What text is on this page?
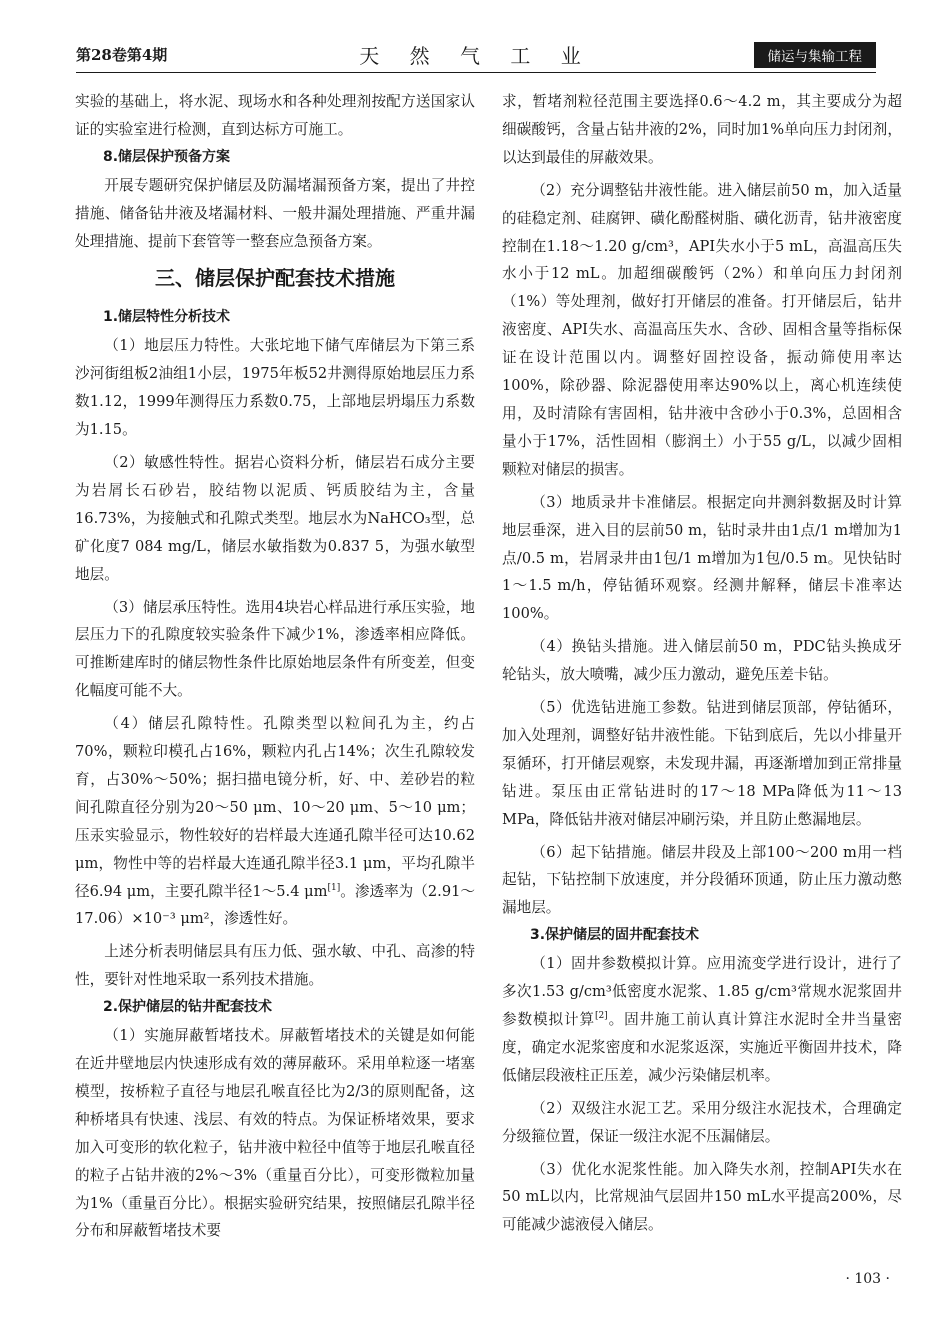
第28卷第4期	天 然 气 工 业	储运与集输工程

实验的基础上，将水泥、现场水和各种处理剂按配方送国家认证的实验室进行检测，直到达标方可施工。

8.储层保护预备方案

开展专题研究保护储层及防漏堵漏预备方案，提出了井控措施、储备钻井液及堵漏材料、一般井漏处理措施、严重井漏处理措施、提前下套管等一整套应急预备方案。

三、储层保护配套技术措施

1.储层特性分析技术

（1）地层压力特性。大张坨地下储气库储层为下第三系沙河街组板2油组1小层，1975年板52井测得原始地层压力系数1.12，1999年测得压力系数0.75，上部地层坍塌压力系数为1.15。

（2）敏感性特性。据岩心资料分析，储层岩石成分主要为岩屑长石砂岩，胶结物以泥质、钙质胶结为主，含量16.73%，为接触式和孔隙式类型。地层水为NaHCO₃型，总矿化度7 084 mg/L，储层水敏指数为0.837 5，为强水敏型地层。

（3）储层承压特性。选用4块岩心样品进行承压实验，地层压力下的孔隙度较实验条件下减少1%，渗透率相应降低。可推断建库时的储层物性条件比原始地层条件有所变差，但变化幅度可能不大。

（4）储层孔隙特性。孔隙类型以粒间孔为主，约占70%，颗粒印模孔占16%，颗粒内孔占14%；次生孔隙较发育，占30%～50%；据扫描电镜分析，好、中、差砂岩的粒间孔隙直径分别为20～50 μm、10～20 μm、5～10 μm；压汞实验显示，物性较好的岩样最大连通孔隙半径可达10.62 μm，物性中等的岩样最大连通孔隙半径3.1 μm，平均孔隙半径6.94 μm，主要孔隙半径1～5.4 μm[1]。渗透率为（2.91～17.06）×10⁻³ μm²，渗透性好。

上述分析表明储层具有压力低、强水敏、中孔、高渗的特性，要针对性地采取一系列技术措施。

2.保护储层的钻井配套技术

（1）实施屏蔽暂堵技术。屏蔽暂堵技术的关键是如何能在近井壁地层内快速形成有效的薄屏蔽环。采用单粒逐一堵塞模型，按桥粒子直径与地层孔喉直径比为2/3的原则配备，这种桥堵具有快速、浅层、有效的特点。为保证桥堵效果，要求加入可变形的软化粒子，钻井液中粒径中值等于地层孔喉直径的粒子占钻井液的2%～3%（重量百分比），可变形微粒加量为1%（重量百分比）。根据实验研究结果，按照储层孔隙半径分布和屏蔽暂堵技术要

求，暂堵剂粒径范围主要选择0.6～4.2 m，其主要成分为超细碳酸钙，含量占钻井液的2%，同时加1%单向压力封闭剂，以达到最佳的屏蔽效果。

（2）充分调整钻井液性能。进入储层前50 m，加入适量的硅稳定剂、硅腐钾、磺化酚醛树脂、磺化沥青，钻井液密度控制在1.18～1.20 g/cm³，API失水小于5 mL，高温高压失水小于12 mL。加超细碳酸钙（2%）和单向压力封闭剂（1%）等处理剂，做好打开储层的准备。打开储层后，钻井液密度、API失水、高温高压失水、含砂、固相含量等指标保证在设计范围以内。调整好固控设备，振动筛使用率达100%，除砂器、除泥器使用率达90%以上，离心机连续使用，及时清除有害固相，钻井液中含砂小于0.3%，总固相含量小于17%，活性固相（膨润土）小于55 g/L，以减少固相颗粒对储层的损害。

（3）地质录井卡准储层。根据定向井测斜数据及时计算地层垂深，进入目的层前50 m，钻时录井由1点/1 m增加为1点/0.5 m，岩屑录井由1包/1 m增加为1包/0.5 m。见快钻时1～1.5 m/h，停钻循环观察。经测井解释，储层卡准率达100%。

（4）换钻头措施。进入储层前50 m，PDC钻头换成牙轮钻头，放大喷嘴，减少压力激动，避免压差卡钻。

（5）优选钻进施工参数。钻进到储层顶部，停钻循环，加入处理剂，调整好钻井液性能。下钻到底后，先以小排量开泵循环，打开储层观察，未发现井漏，再逐渐增加到正常排量钻进。泵压由正常钻进时的17～18 MPa降低为11～13 MPa，降低钻井液对储层冲刷污染，并且防止憋漏地层。

（6）起下钻措施。储层井段及上部100～200 m用一档起钻，下钻控制下放速度，并分段循环顶通，防止压力激动憋漏地层。

3.保护储层的固井配套技术

（1）固井参数模拟计算。应用流变学进行设计，进行了多次1.53 g/cm³低密度水泥浆、1.85 g/cm³常规水泥浆固井参数模拟计算[2]。固井施工前认真计算注水泥时全井当量密度，确定水泥浆密度和水泥浆返深，实施近平衡固井技术，降低储层段液柱正压差，减少污染储层机率。

（2）双级注水泥工艺。采用分级注水泥技术，合理确定分级箍位置，保证一级注水泥不压漏储层。

（3）优化水泥浆性能。加入降失水剂，控制API失水在50 mL以内，比常规油气层固井150 mL水平提高200%，尽可能减少滤液侵入储层。

· 103 ·
